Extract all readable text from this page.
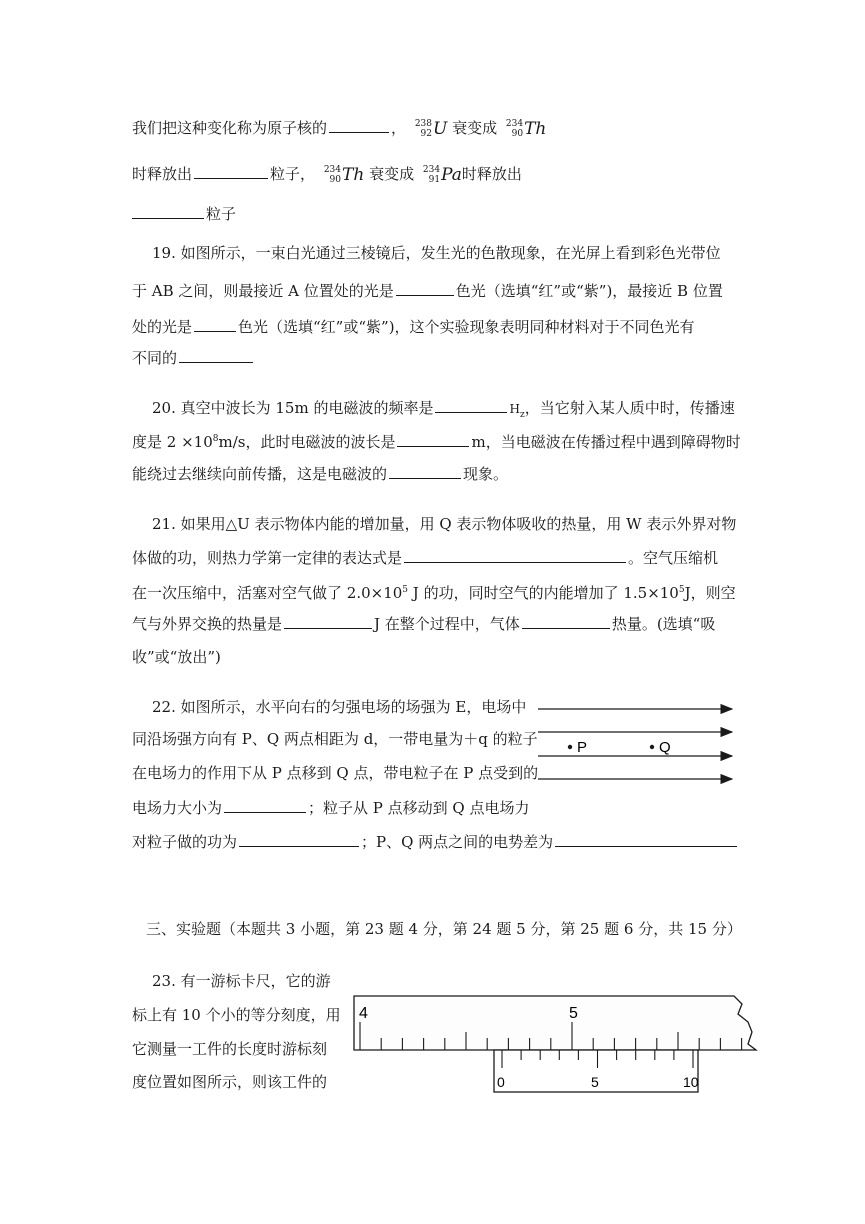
我们把这种变化称为原子核的	， 238
92 U 衰变成 234
90 Th
时释放出	粒子， 234
90 Th 衰变成 234
91 Pa时释放出
粒子
19. 如图所示，一束白光通过三棱镜后，发生光的色散现象，在光屏上看到彩色光带位
于 AB 之间，则最接近 A 位置处的光是	色光（选填“红”或“紫”)，最接近 B 位置
处的光是	色光（选填“红”或“紫”)，这个实验现象表明同种材料对于不同色光有
不同的
20. 真空中波长为 15m 的电磁波的频率是	$H_z$，当它射入某人质中时，传播速
度是 $2 \times 10^8m/s$，此时电磁波的波长是	m，当电磁波在传播过程中遇到障碍物时
能绕过去继续向前传播，这是电磁波的	现象。
21. 如果用△U 表示物体内能的增加量，用 Q 表示物体吸收的热量，用 W 表示外界对物
体做的功，则热力学第一定律的表达式是	。空气压缩机
在一次压缩中，活塞对空气做了 $2.0\times 10^5$ J 的功，同时空气的内能增加了 $1.5\times 10^5J$，则空
气与外界交换的热量是	J 在整个过程中，气体	热量。(选填“吸
收”或“放出”)
22. 如图所示，水平向右的匀强电场的场强为 E，电场中
同沿场强方向有 P、Q 两点相距为 d，一带电量为＋q 的粒子
在电场力的作用下从 P 点移到 Q 点，带电粒子在 P 点受到的
电场力大小为	；粒子从 P 点移动到 Q 点电场力
对粒子做的功为	；P、Q 两点之间的电势差为
P	Q
三、实验题（本题共 3 小题，第 23 题 4 分，第 24 题 5 分，第 25 题 6 分，共 15 分）
23. 有一游标卡尺，它的游
标上有 10 个小的等分刻度，用
它测量一工件的长度时游标刻
度位置如图所示，则该工件的
4	5
0	5	10
